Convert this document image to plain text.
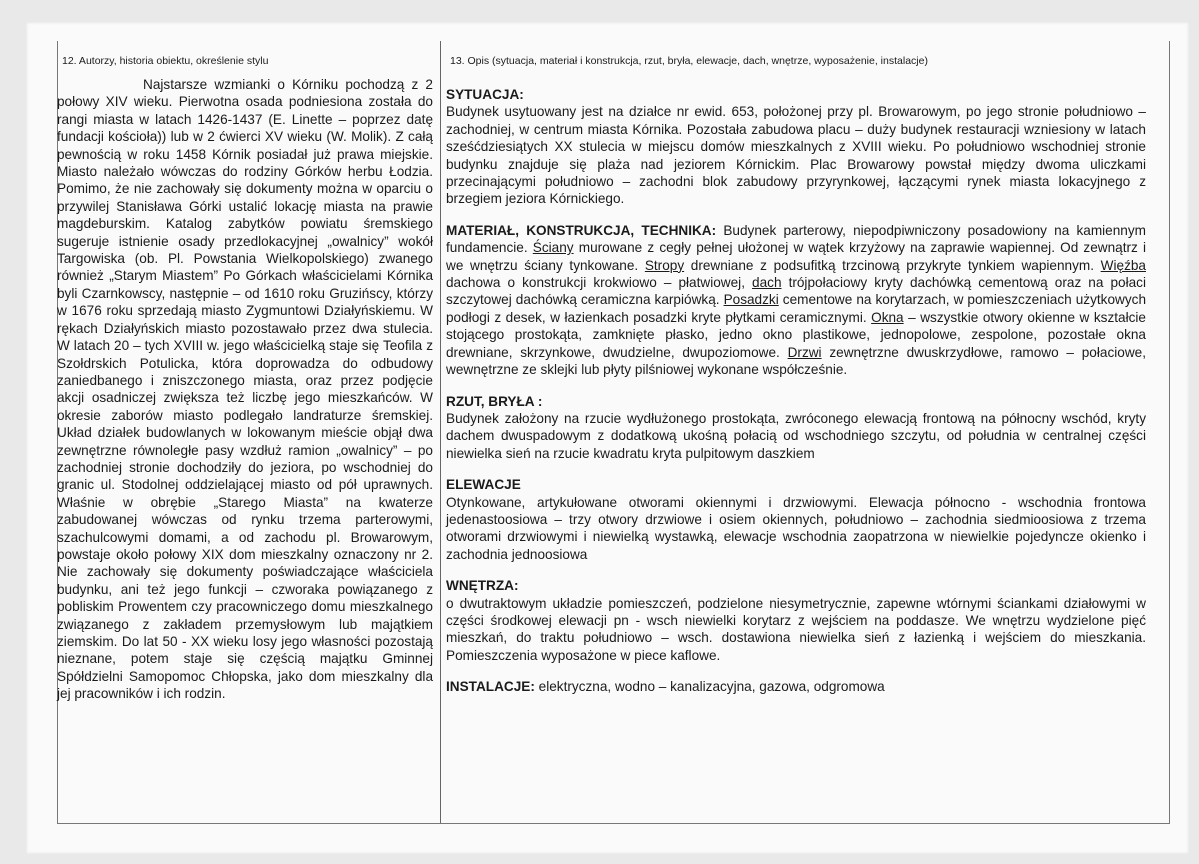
12. Autorzy, historia obiektu, określenie stylu	13. Opis (sytuacja, materiał i konstrukcja, rzut, bryła, elewacje, dach, wnętrze, wyposażenie, instalacje)
Najstarsze wzmianki o Kórniku pochodzą z 2 połowy XIV wieku. Pierwotna osada podniesiona została do rangi miasta w latach 1426-1437 (E. Linette – poprzez datę fundacji kościoła)) lub w 2 ćwierci XV wieku (W. Molik). Z całą pewnością w roku 1458 Kórnik posiadał już prawa miejskie. Miasto należało wówczas do rodziny Górków herbu Łodzia. Pomimo, że nie zachowały się dokumenty można w oparciu o przywilej Stanisława Górki ustalić lokację miasta na prawie magdeburskim. Katalog zabytków powiatu śremskiego sugeruje istnienie osady przedlokacyjnej „owalnicy” wokół Targowiska (ob. Pl. Powstania Wielkopolskiego) zwanego również „Starym Miastem” Po Górkach właścicielami Kórnika byli Czarnkowscy, następnie – od 1610 roku Gruzińscy, którzy w 1676 roku sprzedają miasto Zygmuntowi Działyńskiemu. W rękach Działyńskich miasto pozostawało przez dwa stulecia. W latach 20 – tych XVIII w. jego właścicielką staje się Teofila z Szołdrskich Potulicka, która doprowadza do odbudowy zaniedbanego i zniszczonego miasta, oraz przez podjęcie akcji osadniczej zwiększa też liczbę jego mieszkańców. W okresie zaborów miasto podlegało landraturze śremskiej. Układ działek budowlanych w lokowanym mieście objął dwa zewnętrzne równoległe pasy wzdłuż ramion „owalnicy” – po zachodniej stronie dochodziły do jeziora, po wschodniej do granic ul. Stodolnej oddzielającej miasto od pół uprawnych. Właśnie w obrębie „Starego Miasta” na kwaterze zabudowanej wówczas od rynku trzema parterowymi, szachulcowymi domami, a od zachodu pl. Browarowym, powstaje około połowy XIX dom mieszkalny oznaczony nr 2. Nie zachowały się dokumenty poświadczające właściciela budynku, ani też jego funkcji – czworaka powiązanego z pobliskim Prowentem czy pracowniczego domu mieszkalnego związanego z zakładem przemysłowym lub majątkiem ziemskim. Do lat 50 - XX wieku losy jego własności pozostają nieznane, potem staje się częścią majątku Gminnej Spółdzielni Samopomoc Chłopska, jako dom mieszkalny dla jej pracowników i ich rodzin.
SYTUACJA:

Budynek usytuowany jest na działce nr ewid. 653, położonej przy pl. Browarowym, po jego stronie południowo – zachodniej, w centrum miasta Kórnika. Pozostała zabudowa placu – duży budynek restauracji wzniesiony w latach sześćdziesiątych XX stulecia w miejscu domów mieszkalnych z XVIII wieku. Po południowo wschodniej stronie budynku znajduje się plaża nad jeziorem Kórnickim. Plac Browarowy powstał między dwoma uliczkami przecinającymi południowo – zachodni blok zabudowy przyrynkowej, łączącymi rynek miasta lokacyjnego z brzegiem jeziora Kórnickiego.

MATERIAŁ, KONSTRUKCJA, TECHNIKA: Budynek parterowy, niepodpiwniczony posadowiony na kamiennym fundamencie. Ściany murowane z cegły pełnej ułożonej w wątek krzyżowy na zaprawie wapiennej. Od zewnątrz i we wnętrzu ściany tynkowane. Stropy drewniane z podsufitką trzcinową przykryte tynkiem wapiennym. Więźba dachowa o konstrukcji krokwiowo – płatwiowej, dach trójpołaciowy kryty dachówką cementową oraz na połaci szczytowej dachówką ceramiczna karpiówką. Posadzki cementowe na korytarzach, w pomieszczeniach użytkowych podłogi z desek, w łazienkach posadzki kryte płytkami ceramicznymi. Okna – wszystkie otwory okienne w kształcie stojącego prostokąta, zamknięte płasko, jedno okno plastikowe, jednopolowe, zespolone, pozostałe okna drewniane, skrzynkowe, dwudzielne, dwupoziomowe. Drzwi zewnętrzne dwuskrzydłowe, ramowo – połaciowe, wewnętrzne ze sklejki lub płyty pilśniowej wykonane współcześnie.

RZUT, BRYŁA :

Budynek założony na rzucie wydłużonego prostokąta, zwróconego elewacją frontową na północny wschód, kryty dachem dwuspadowym z dodatkową ukośną połacią od wschodniego szczytu, od południa w centralnej części niewielka sień na rzucie kwadratu kryta pulpitowym daszkiem

ELEWACJE

Otynkowane, artykułowane otworami okiennymi i drzwiowymi. Elewacja północno - wschodnia frontowa jedenastoosiowa – trzy otwory drzwiowe i osiem okiennych, południowo – zachodnia siedmioosiowa z trzema otworami drzwiowymi i niewielką wystawką, elewacje wschodnia zaopatrzona w niewielkie pojedyncze okienko i zachodnia jednoosiowa

WNĘTRZA:

o dwutraktowym układzie pomieszczeń, podzielone niesymetrycznie, zapewne wtórnymi ściankami działowymi w części środkowej elewacji pn - wsch niewielki korytarz z wejściem na poddasze. We wnętrzu wydzielone pięć mieszkań, do traktu południowo – wsch. dostawiona niewielka sień z łazienką i wejściem do mieszkania. Pomieszczenia wyposażone w piece kaflowe.

INSTALACJE: elektryczna, wodno – kanalizacyjna, gazowa, odgromowa
